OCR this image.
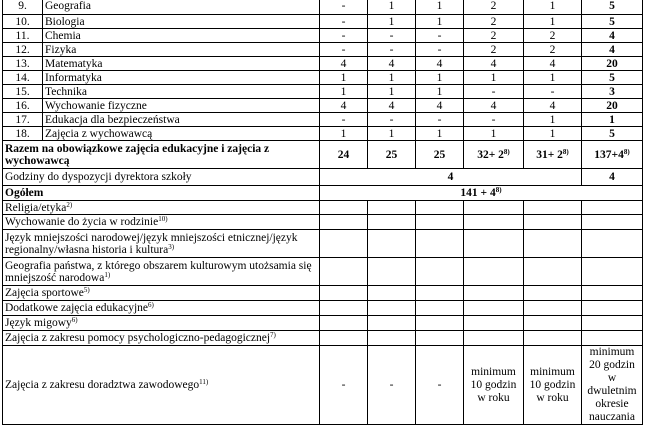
9.	Geografia	-	1	1	2	1	5
10.	Biologia	-	1	1	2	1	5
11.	Chemia	-	-	-	2	2	4
12.	Fizyka	-	-	-	2	2	4
13.	Matematyka	4	4	4	4	4	20
14.	Informatyka	1	1	1	1	1	5
15.	Technika	1	1	1	-	-	3
16.	Wychowanie fizyczne	4	4	4	4	4	20
17.	Edukacja dla bezpieczeństwa	-	-	-	-	1	1
18.	Zajęcia z wychowawcą	1	1	1	1	1	5
Razem na obowiązkowe zajęcia edukacyjne i zajęcia z wychowawcą		24	25	25	$32+ 2^{8)}$	$31+ 2^{8)}$	$137+4^{8)}$
Godziny do dyspozycji dyrektora szkoły		4					4
Ogółem		$141 + 4^{8)}$
Religia/etyka$^{2)}$						
Wychowanie do życia w rodzinie$^{10)}$						
Język mniejszości narodowej/język mniejszości etnicznej/język regionalny/własna historia i kultura$^{3)}$						
Geografia państwa, z którego obszarem kulturowym utożsamia się mniejszość narodowa$^{1)}$						
Zajęcia sportowe$^{5)}$						
Dodatkowe zajęcia edukacyjne$^{6)}$						
Język migowy$^{6)}$						
Zajęcia z zakresu pomocy psychologiczno-pedagogicznej$^{7)}$						
Zajęcia z zakresu doradztwa zawodowego$^{11)}$		-	-	-	minimum 10 godzin w roku	minimum 10 godzin w roku	minimum 20 godzin w dwuletnim okresie nauczania
